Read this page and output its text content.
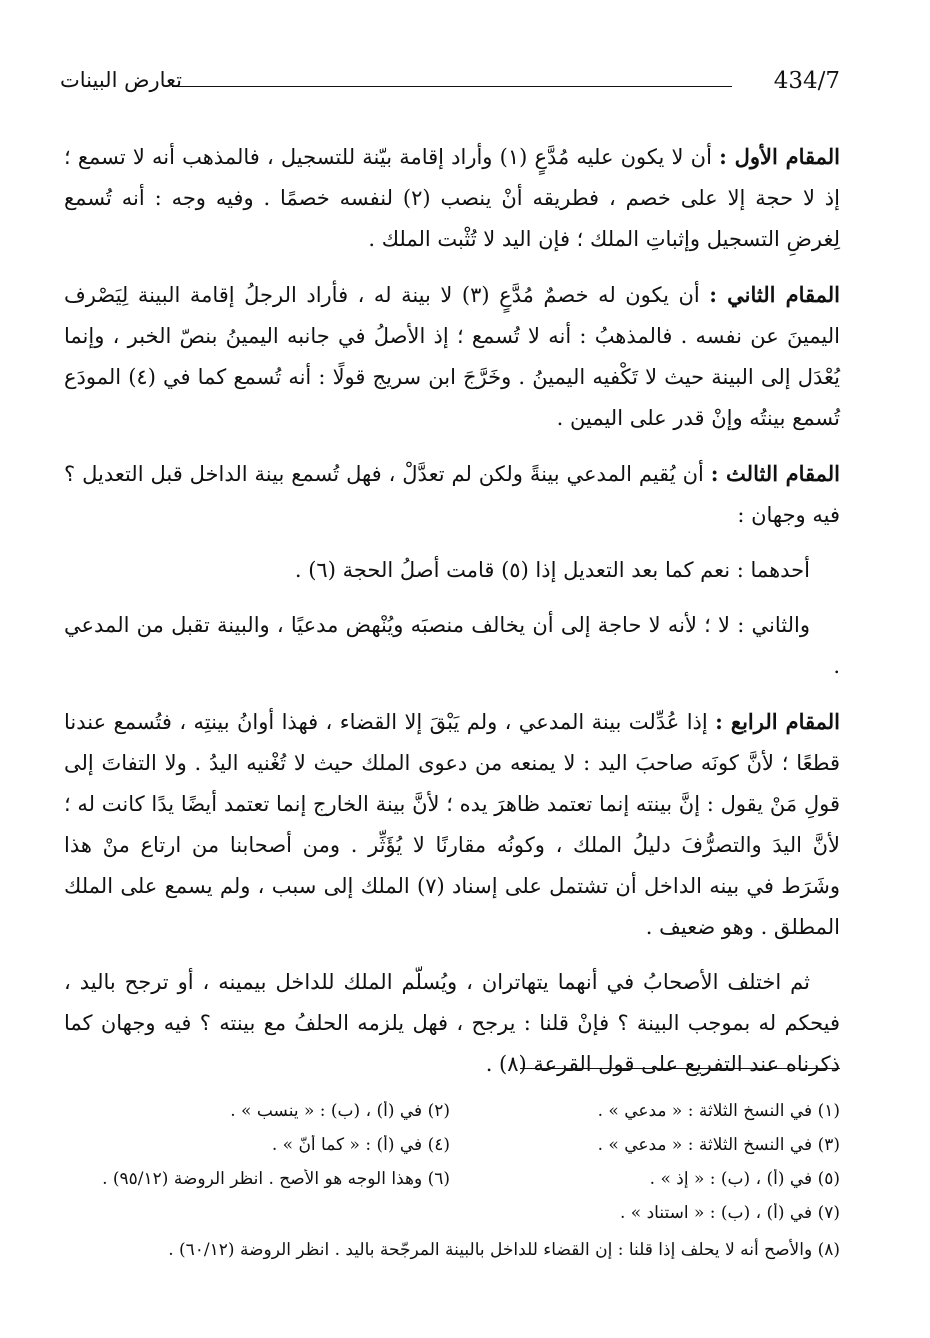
434/7
تعارض البينات

المقام الأول : أن لا يكون عليه مُدَّعٍ (١) وأراد إقامة بيّنة للتسجيل ، فالمذهب أنه لا تسمع ؛ إذ لا حجة إلا على خصم ، فطريقه أنْ ينصب (٢) لنفسه خصمًا . وفيه وجه : أنه تُسمع لِغرضِ التسجيل وإثباتِ الملك ؛ فإن اليد لا تُثْبت الملك .

المقام الثاني : أن يكون له خصمٌ مُدَّعٍ (٣) لا بينة له ، فأراد الرجلُ إقامة البينة لِيَصْرف اليمينَ عن نفسه . فالمذهبُ : أنه لا تُسمع ؛ إذ الأصلُ في جانبه اليمينُ بنصّ الخبر ، وإنما يُعْدَل إلى البينة حيث لا تَكْفيه اليمينُ . وخَرَّجَ ابن سريج قولًا : أنه تُسمع كما في (٤) المودَع تُسمع بينتُه وإنْ قدر على اليمين .

المقام الثالث : أن يُقيم المدعي بينةً ولكن لم تعدَّلْ ، فهل تُسمع بينة الداخل قبل التعديل ؟ فيه وجهان :

أحدهما : نعم كما بعد التعديل إذا (٥) قامت أصلُ الحجة (٦) .

والثاني : لا ؛ لأنه لا حاجة إلى أن يخالف منصبَه ويُنْهض مدعيًا ، والبينة تقبل من المدعي .

المقام الرابع : إذا عُدِّلت بينة المدعي ، ولم يَبْقَ إلا القضاء ، فهذا أوانُ بينتِه ، فتُسمع عندنا قطعًا ؛ لأنَّ كونَه صاحبَ اليد : لا يمنعه من دعوى الملك حيث لا تُغْنيه اليدُ . ولا التفاتَ إلى قولِ مَنْ يقول : إنَّ بينته إنما تعتمد ظاهرَ يده ؛ لأنَّ بينة الخارج إنما تعتمد أيضًا يدًا كانت له ؛ لأنَّ اليدَ والتصرُّفَ دليلُ الملك ، وكونُه مقارنًا لا يُؤَثِّر . ومن أصحابنا من ارتاع منْ هذا وشَرَط في بينه الداخل أن تشتمل على إسناد (٧) الملك إلى سبب ، ولم يسمع على الملك المطلق . وهو ضعيف .

ثم اختلف الأصحابُ في أنهما يتهاتران ، ويُسلّم الملك للداخل بيمينه ، أو ترجح باليد ، فيحكم له بموجب البينة ؟ فإنْ قلنا : يرجح ، فهل يلزمه الحلفُ مع بينته ؟ فيه وجهان كما ذكرناه عند التفريع على قول القرعة (٨) .

(١) في النسخ الثلاثة : « مدعي » .
(٢) في (أ) ، (ب) : « ينسب » .
(٣) في النسخ الثلاثة : « مدعي » .
(٤) في (أ) : « كما أنّ » .
(٥) في (أ) ، (ب) : « إذ » .
(٦) وهذا الوجه هو الأصح . انظر الروضة (٩٥/١٢) .
(٧) في (أ) ، (ب) : « استناد » .
(٨) والأصح أنه لا يحلف إذا قلنا : إن القضاء للداخل بالبينة المرجّحة باليد . انظر الروضة (٦٠/١٢) .
